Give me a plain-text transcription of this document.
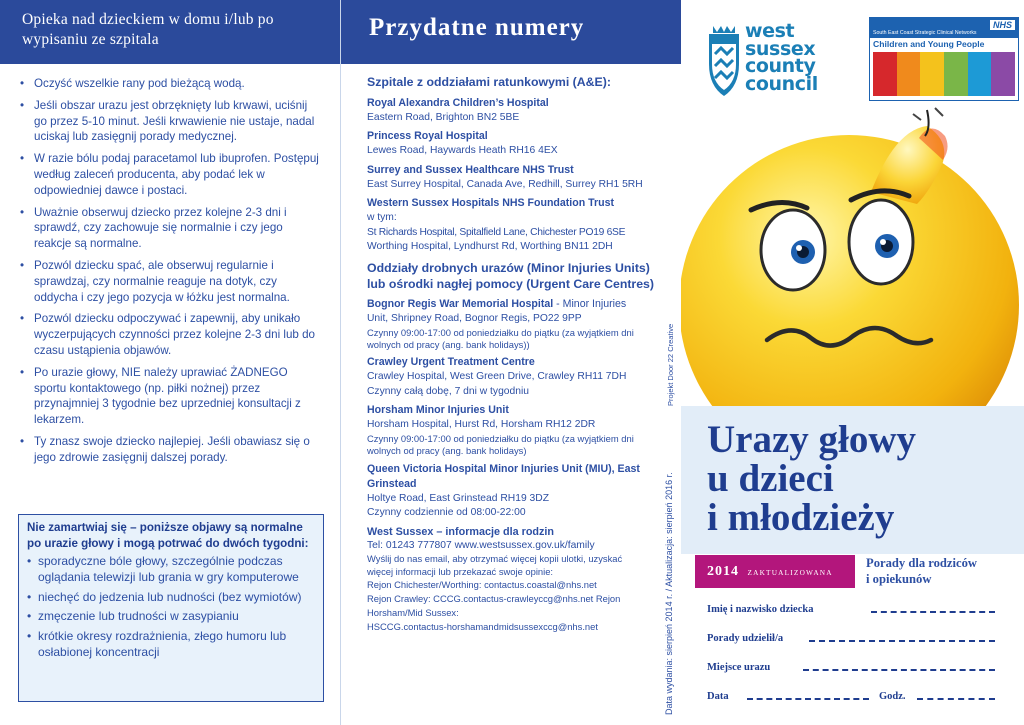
Opieka nad dzieckiem w domu i/lub po wypisaniu ze szpitala
• Oczyść wszelkie rany pod bieżącą wodą.
• Jeśli obszar urazu jest obrzęknięty lub krwawi, uciśnij go przez 5-10 minut. Jeśli krwawienie nie ustaje, nadal uciskaj lub zasięgnij porady medycznej.
• W razie bólu podaj paracetamol lub ibuprofen. Postępuj według zaleceń producenta, aby podać lek w odpowiedniej dawce i postaci.
• Uważnie obserwuj dziecko przez kolejne 2-3 dni i sprawdź, czy zachowuje się normalnie i czy jego reakcje są normalne.
• Pozwól dziecku spać, ale obserwuj regularnie i sprawdzaj, czy normalnie reaguje na dotyk, czy oddycha i czy jego pozycja w łóżku jest normalna.
• Pozwól dziecku odpoczywać i zapewnij, aby unikało wyczerpujących czynności przez kolejne 2-3 dni lub do czasu ustąpienia objawów.
• Po urazie głowy, NIE należy uprawiać ŻADNEGO sportu kontaktowego (np. piłki nożnej) przez przynajmniej 3 tygodnie bez uprzedniej konsultacji z lekarzem.
• Ty znasz swoje dziecko najlepiej. Jeśli obawiasz się o jego zdrowie zasięgnij dalszej porady.
Nie zamartwiaj się – poniższe objawy są normalne po urazie głowy i mogą potrwać do dwóch tygodni:
• sporadyczne bóle głowy, szczególnie podczas oglądania telewizji lub grania w gry komputerowe
• niechęć do jedzenia lub nudności (bez wymiotów)
• zmęczenie lub trudności w zasypianiu
• krótkie okresy rozdrażnienia, złego humoru lub osłabionej koncentracji
Przydatne numery
Szpitale z oddziałami ratunkowymi (A&E):
Royal Alexandra Children’s Hospital
Eastern Road, Brighton BN2 5BE
Princess Royal Hospital
Lewes Road, Haywards Heath RH16 4EX
Surrey and Sussex Healthcare NHS Trust
East Surrey Hospital, Canada Ave, Redhill, Surrey RH1 5RH
Western Sussex Hospitals NHS Foundation Trust
w tym:
St Richards Hospital, Spitalfield Lane, Chichester PO19 6SE
Worthing Hospital, Lyndhurst Rd, Worthing BN11 2DH
Oddziały drobnych urazów (Minor Injuries Units) lub ośrodki nagłej pomocy (Urgent Care Centres)
Bognor Regis War Memorial Hospital - Minor Injuries
Unit, Shripney Road, Bognor Regis, PO22 9PP
Czynny 09:00-17:00 od poniedziałku do piątku (za wyjątkiem dni wolnych od pracy (ang. bank holidays))
Crawley Urgent Treatment Centre
Crawley Hospital, West Green Drive, Crawley RH11 7DH
Czynny całą dobę, 7 dni w tygodniu
Horsham Minor Injuries Unit
Horsham Hospital, Hurst Rd, Horsham RH12 2DR
Czynny 09:00-17:00 od poniedziałku do piątku (za wyjątkiem dni wolnych od pracy (ang. bank holidays)
Queen Victoria Hospital Minor Injuries Unit (MIU), East Grinstead
Holtye Road, East Grinstead RH19 3DZ
Czynny codziennie od 08:00-22:00
West Sussex – informacje dla rodzin
Tel: 01243 777807 www.westsussex.gov.uk/family
Wyślij do nas email, aby otrzymać więcej kopii ulotki, uzyskać
więcej informacji lub przekazać swoje opinie:
Rejon Chichester/Worthing: contactus.coastal@nhs.net
Rejon Crawley: CCCG.contactus-crawleyccg@nhs.net Rejon
Horsham/Mid Sussex:
HSCCG.contactus-horshamandmidsussexccg@nhs.net
Projekt Door 22 Creative
Data wydania: sierpień 2014 r. / Aktualizacja: sierpień 2016 r.
west
sussex
county
council
NHS
South East Coast Strategic Clinical Networks
Children and Young People
Urazy głowy
u dzieci
i młodzieży
2014 ZAKTUALIZOWANA
Porady dla rodziców
i opiekunów
Imię i nazwisko dziecka
Porady udzielił/a
Miejsce urazu
Data	Godz.
